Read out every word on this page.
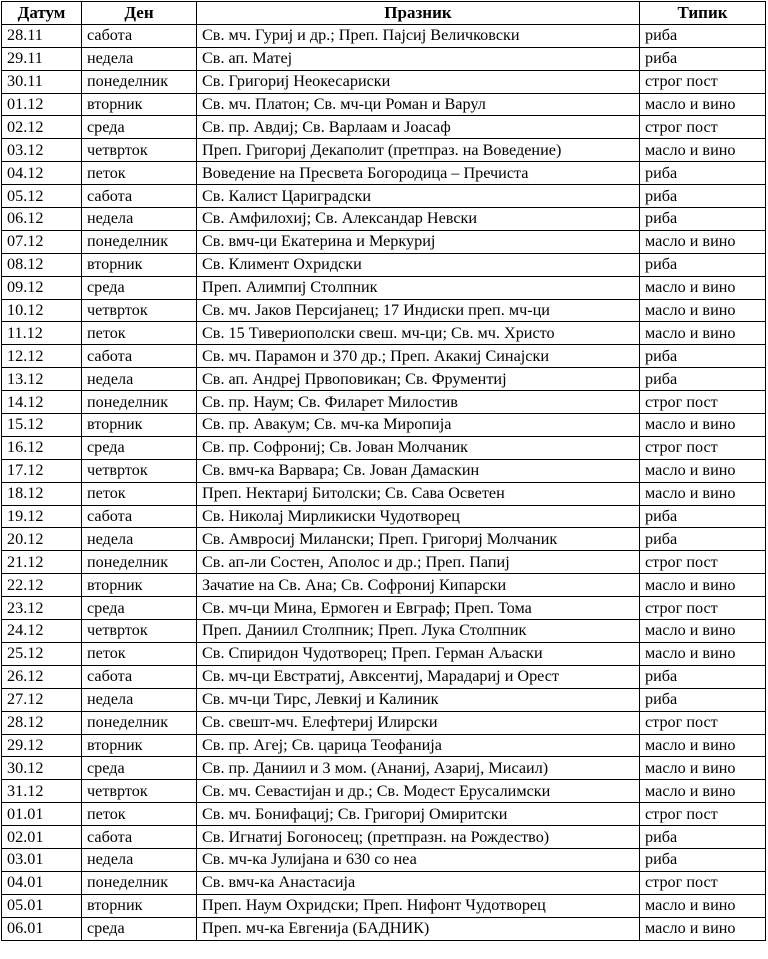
Датум	Ден	Празник	Типик
28.11	сабота	Св. мч. Гуриј и др.; Преп. Пајсиј Величковски	риба
29.11	недела	Св. ап. Матеј	риба
30.11	понеделник	Св. Григориј Неокесариски	строг пост
01.12	вторник	Св. мч. Платон; Св. мч-ци Роман и Варул	масло и вино
02.12	среда	Св. пр. Авдиј; Св. Варлаам и Јоасаф	строг пост
03.12	четврток	Преп. Григориј Декаполит (претпраз. на Воведение)	масло и вино
04.12	петок	Воведение на Пресвета Богородица – Пречиста	риба
05.12	сабота	Св. Калист Цариградски	риба
06.12	недела	Св. Амфилохиј; Св. Александар Невски	риба
07.12	понеделник	Св. вмч-ци Екатерина и Меркуриј	масло и вино
08.12	вторник	Св. Климент Охридски	риба
09.12	среда	Преп. Алимпиј Столпник	масло и вино
10.12	четврток	Св. мч. Јаков Персијанец; 17 Индиски преп. мч-ци	масло и вино
11.12	петок	Св. 15 Тивериополски свеш. мч-ци; Св. мч. Христо	масло и вино
12.12	сабота	Св. мч. Парамон и 370 др.; Преп. Акакиј Синајски	риба
13.12	недела	Св. ап. Андреј Првоповикан; Св. Фрументиј	риба
14.12	понеделник	Св. пр. Наум; Св. Филарет Милостив	строг пост
15.12	вторник	Св. пр. Авакум; Св. мч-ка Миропија	масло и вино
16.12	среда	Св. пр. Софрониј; Св. Јован Молчаник	строг пост
17.12	четврток	Св. вмч-ка Варвара; Св. Јован Дамаскин	масло и вино
18.12	петок	Преп. Нектариј Битолски; Св. Сава Осветен	масло и вино
19.12	сабота	Св. Николај Мирликиски Чудотворец	риба
20.12	недела	Св. Амвросиј Милански; Преп. Григориј Молчаник	риба
21.12	понеделник	Св. ап-ли Состен, Аполос и др.; Преп. Папиј	строг пост
22.12	вторник	Зачатие на Св. Ана; Св. Софрониј Кипарски	масло и вино
23.12	среда	Св. мч-ци Мина, Ермоген и Евграф; Преп. Тома	строг пост
24.12	четврток	Преп. Даниил Столпник; Преп. Лука Столпник	масло и вино
25.12	петок	Св. Спиридон Чудотворец; Преп. Герман Аљаски	масло и вино
26.12	сабота	Св. мч-ци Евстратиј, Авксентиј, Марадариј и Орест	риба
27.12	недела	Св. мч-ци Тирс, Левкиј и Калиник	риба
28.12	понеделник	Св. свешт-мч. Елефтериј Илирски	строг пост
29.12	вторник	Св. пр. Агеј; Св. царица Теофанија	масло и вино
30.12	среда	Св. пр. Даниил и 3 мом. (Ананиј, Азариј, Мисаил)	масло и вино
31.12	четврток	Св. мч. Севастијан и др.; Св. Модест Ерусалимски	масло и вино
01.01	петок	Св. мч. Бонифациј; Св. Григориј Омиритски	строг пост
02.01	сабота	Св. Игнатиј Богоносец; (претпразн. на Рождество)	риба
03.01	недела	Св. мч-ка Јулијана и 630 со неа	риба
04.01	понеделник	Св. вмч-ка Анастасија	строг пост
05.01	вторник	Преп. Наум Охридски; Преп. Нифонт Чудотворец	масло и вино
06.01	среда	Преп. мч-ка Евгенија (БАДНИК)	масло и вино
